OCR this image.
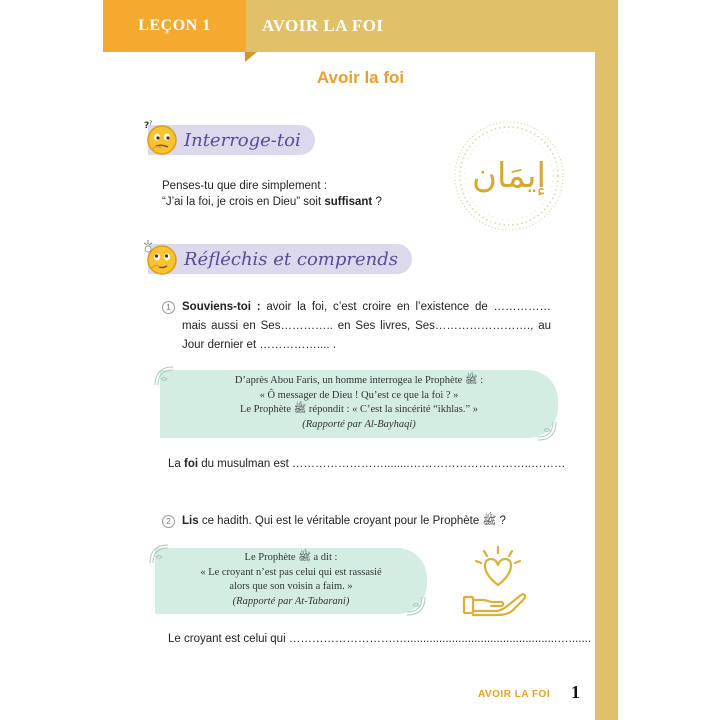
LEÇON 1	AVOIR LA FOI
Avoir la foi
Interroge-toi
? ?
إيمَان
Penses-tu que dire simplement :
“J’ai la foi, je crois en Dieu” soit suffisant ?
Réfléchis et comprends
1 Souviens-toi : avoir la foi, c’est croire en l’existence de …………… mais aussi en Ses………….. en Ses livres, Ses……………………., au Jour dernier et …………….... .
D’après Abou Faris, un homme interrogea le Prophète ﷺ :
« Ô messager de Dieu ! Qu’est ce que la foi ? »
Le Prophète ﷺ répondit : « C’est la sincérité “ikhlas.” »
(Rapporté par Al-Bayhaqi)
La foi du musulman est ……………………........…………………………..………
2 Lis ce hadith. Qui est le véritable croyant pour le Prophète ﷺ ?
Le Prophète ﷺ a dit :
« Le croyant n’est pas celui qui est rassasié
alors que son voisin a faim. »
(Rapporté par At-Tabarani)
Le croyant est celui qui ……………………….…...............................................….......
AVOIR LA FOI 1
